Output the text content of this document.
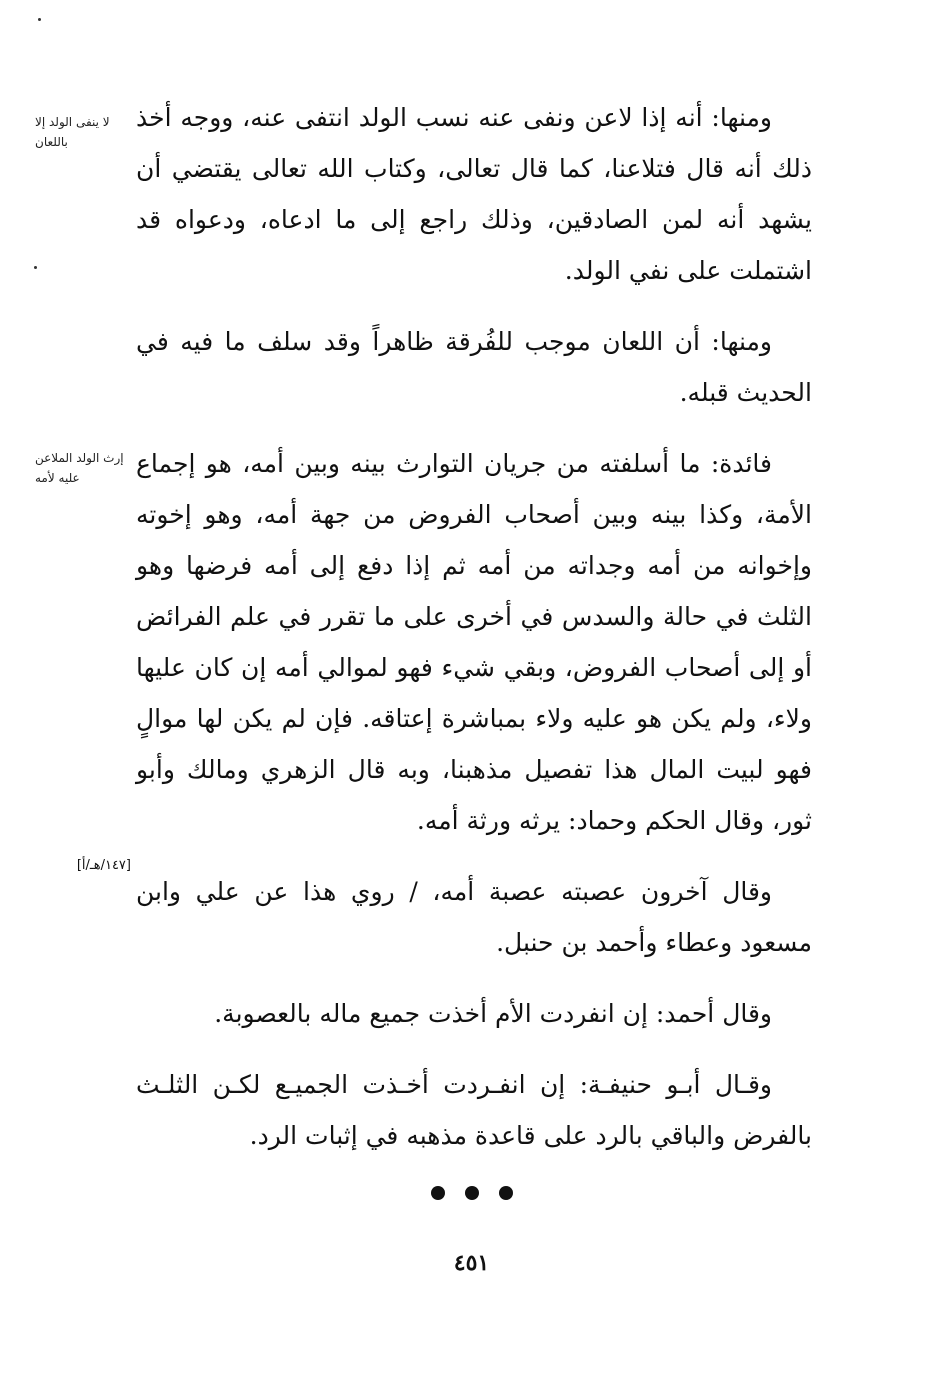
لا ينفى الولد إلا باللعان
إرث الولد الملاعن عليه لأمه
[١٤٧/هـ/أ]

ومنها: أنه إذا لاعن ونفى عنه نسب الولد انتفى عنه، ووجه أخذ ذلك أنه قال فتلاعنا، كما قال تعالى، وكتاب الله تعالى يقتضي أن يشهد أنه لمن الصادقين، وذلك راجع إلى ما ادعاه، ودعواه قد اشتملت على نفي الولد.

ومنها: أن اللعان موجب للفُرقة ظاهراً وقد سلف ما فيه في الحديث قبله.

فائدة: ما أسلفته من جريان التوارث بينه وبين أمه، هو إجماع الأمة، وكذا بينه وبين أصحاب الفروض من جهة أمه، وهو إخوته وإخوانه من أمه وجداته من أمه ثم إذا دفع إلى أمه فرضها وهو الثلث في حالة والسدس في أخرى على ما تقرر في علم الفرائض أو إلى أصحاب الفروض، وبقي شيء فهو لموالي أمه إن كان عليها ولاء، ولم يكن هو عليه ولاء بمباشرة إعتاقه. فإن لم يكن لها موالٍ فهو لبيت المال هذا تفصيل مذهبنا، وبه قال الزهري ومالك وأبو ثور، وقال الحكم وحماد: يرثه ورثة أمه.

وقال آخرون عصبته عصبة أمه، / روي هذا عن علي وابن مسعود وعطاء وأحمد بن حنبل.

وقال أحمد: إن انفردت الأم أخذت جميع ماله بالعصوبة.

وقـال أبـو حنيفـة: إن انفـردت أخـذت الجميـع لكـن الثلـث بالفرض والباقي بالرد على قاعدة مذهبه في إثبات الرد.

٤٥١
